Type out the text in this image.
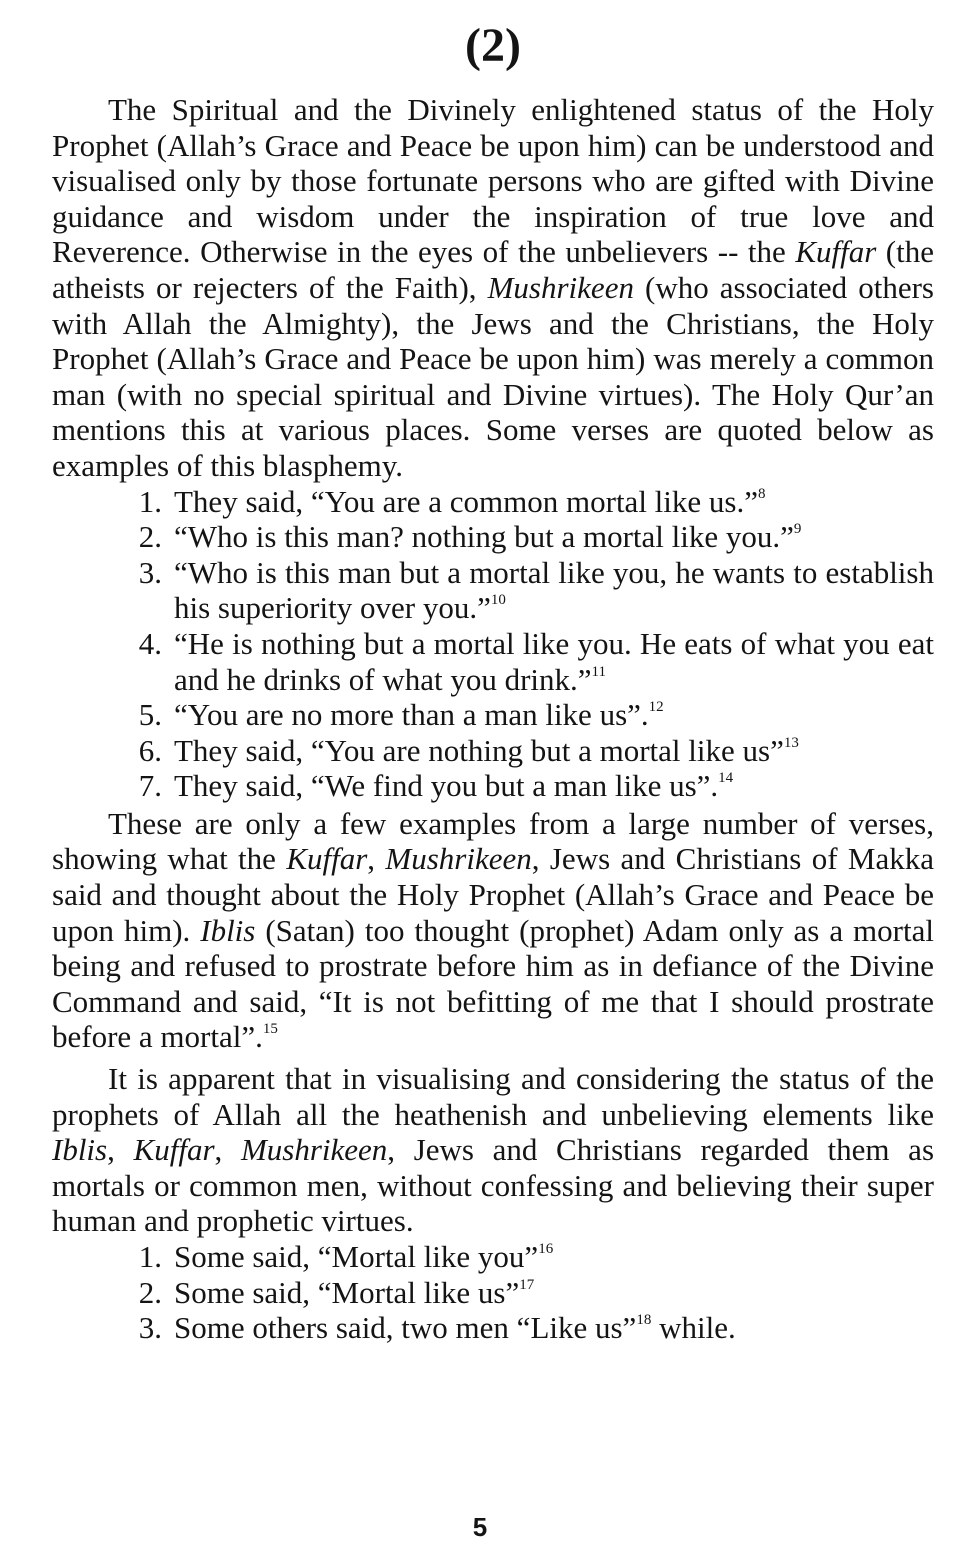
(2)

The Spiritual and the Divinely enlightened status of the Holy Prophet (Allah’s Grace and Peace be upon him) can be understood and visualised only by those fortunate persons who are gifted with Divine guidance and wisdom under the inspiration of true love and Reverence. Otherwise in the eyes of the unbelievers -- the Kuffar (the atheists or rejecters of the Faith), Mushrikeen (who associated others with Allah the Almighty), the Jews and the Christians, the Holy Prophet (Allah’s Grace and Peace be upon him) was merely a common man (with no special spiritual and Divine virtues). The Holy Qur’an mentions this at various places. Some verses are quoted below as examples of this blasphemy.

1. They said, “You are a common mortal like us.”$^8$
2. “Who is this man? nothing but a mortal like you.”$^9$
3. “Who is this man but a mortal like you, he wants to establish his superiority over you.”$^{10}$
4. “He is nothing but a mortal like you. He eats of what you eat and he drinks of what you drink.”$^{11}$
5. “You are no more than a man like us”.$^{12}$
6. They said, “You are nothing but a mortal like us”$^{13}$
7. They said, “We find you but a man like us”.$^{14}$

These are only a few examples from a large number of verses, showing what the Kuffar, Mushrikeen, Jews and Christians of Makka said and thought about the Holy Prophet (Allah’s Grace and Peace be upon him). Iblis (Satan) too thought (prophet) Adam only as a mortal being and refused to prostrate before him as in defiance of the Divine Command and said, “It is not befitting of me that I should prostrate before a mortal”.$^{15}$

It is apparent that in visualising and considering the status of the prophets of Allah all the heathenish and unbelieving elements like Iblis, Kuffar, Mushrikeen, Jews and Christians regarded them as mortals or common men, without confessing and believing their super human and prophetic virtues.

1. Some said, “Mortal like you”$^{16}$
2. Some said, “Mortal like us”$^{17}$
3. Some others said, two men “Like us”$^{18}$ while.
5
